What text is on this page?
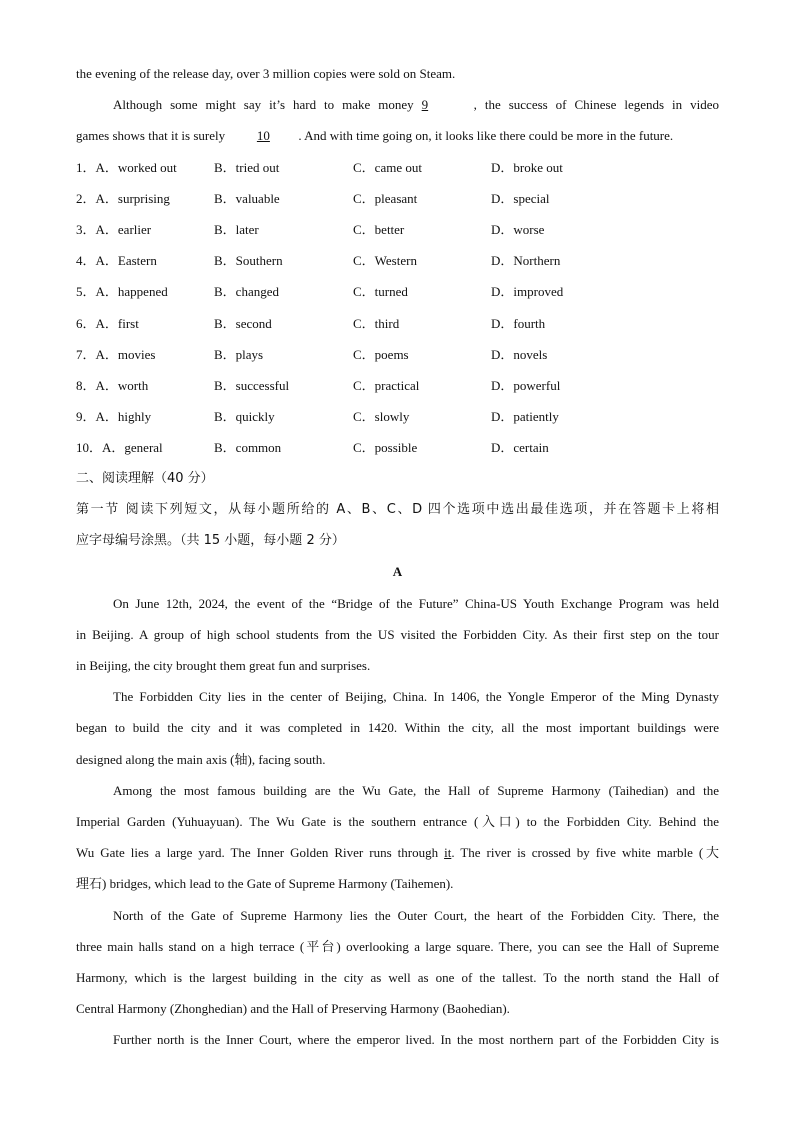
the evening of the release day, over 3 million copies were sold on Steam.
Although some might say it’s hard to make money 9	, the success of Chinese legends in video
games shows that it is surely 10 . And with time going on, it looks like there could be more in the future.
1．A．worked out	B．tried out	C．came out	D．broke out
2．A．surprising	B．valuable	C．pleasant	D．special
3．A．earlier	B．later	C．better	D．worse
4．A．Eastern	B．Southern	C．Western	D．Northern
5．A．happened	B．changed	C．turned	D．improved
6．A．first	B．second	C．third	D．fourth
7．A．movies	B．plays	C．poems	D．novels
8．A．worth	B．successful	C．practical	D．powerful
9．A．highly	B．quickly	C．slowly	D．patiently
10．A．general	B．common	C．possible	D．certain
二、阅读理解（40 分）
第一节 阅读下列短文，从每小题所给的 A、B、C、D 四个选项中选出最佳选项，并在答题卡上将相
应字母编号涂黑。（共 15 小题，每小题 2 分）
A
On June 12th, 2024, the event of the “Bridge of the Future” China-US Youth Exchange Program was held
in Beijing. A group of high school students from the US visited the Forbidden City. As their first step on the tour
in Beijing, the city brought them great fun and surprises.
The Forbidden City lies in the center of Beijing, China. In 1406, the Yongle Emperor of the Ming Dynasty
began to build the city and it was completed in 1420. Within the city, all the most important buildings were
designed along the main axis (轴), facing south.
Among the most famous building are the Wu Gate, the Hall of Supreme Harmony (Taihedian) and the
Imperial Garden (Yuhuayuan). The Wu Gate is the southern entrance (入口) to the Forbidden City. Behind the
Wu Gate lies a large yard. The Inner Golden River runs through it. The river is crossed by five white marble (大
理石) bridges, which lead to the Gate of Supreme Harmony (Taihemen).
North of the Gate of Supreme Harmony lies the Outer Court, the heart of the Forbidden City. There, the
three main halls stand on a high terrace (平台) overlooking a large square. There, you can see the Hall of Supreme
Harmony, which is the largest building in the city as well as one of the tallest. To the north stand the Hall of
Central Harmony (Zhonghedian) and the Hall of Preserving Harmony (Baohedian).
Further north is the Inner Court, where the emperor lived. In the most northern part of the Forbidden City is
